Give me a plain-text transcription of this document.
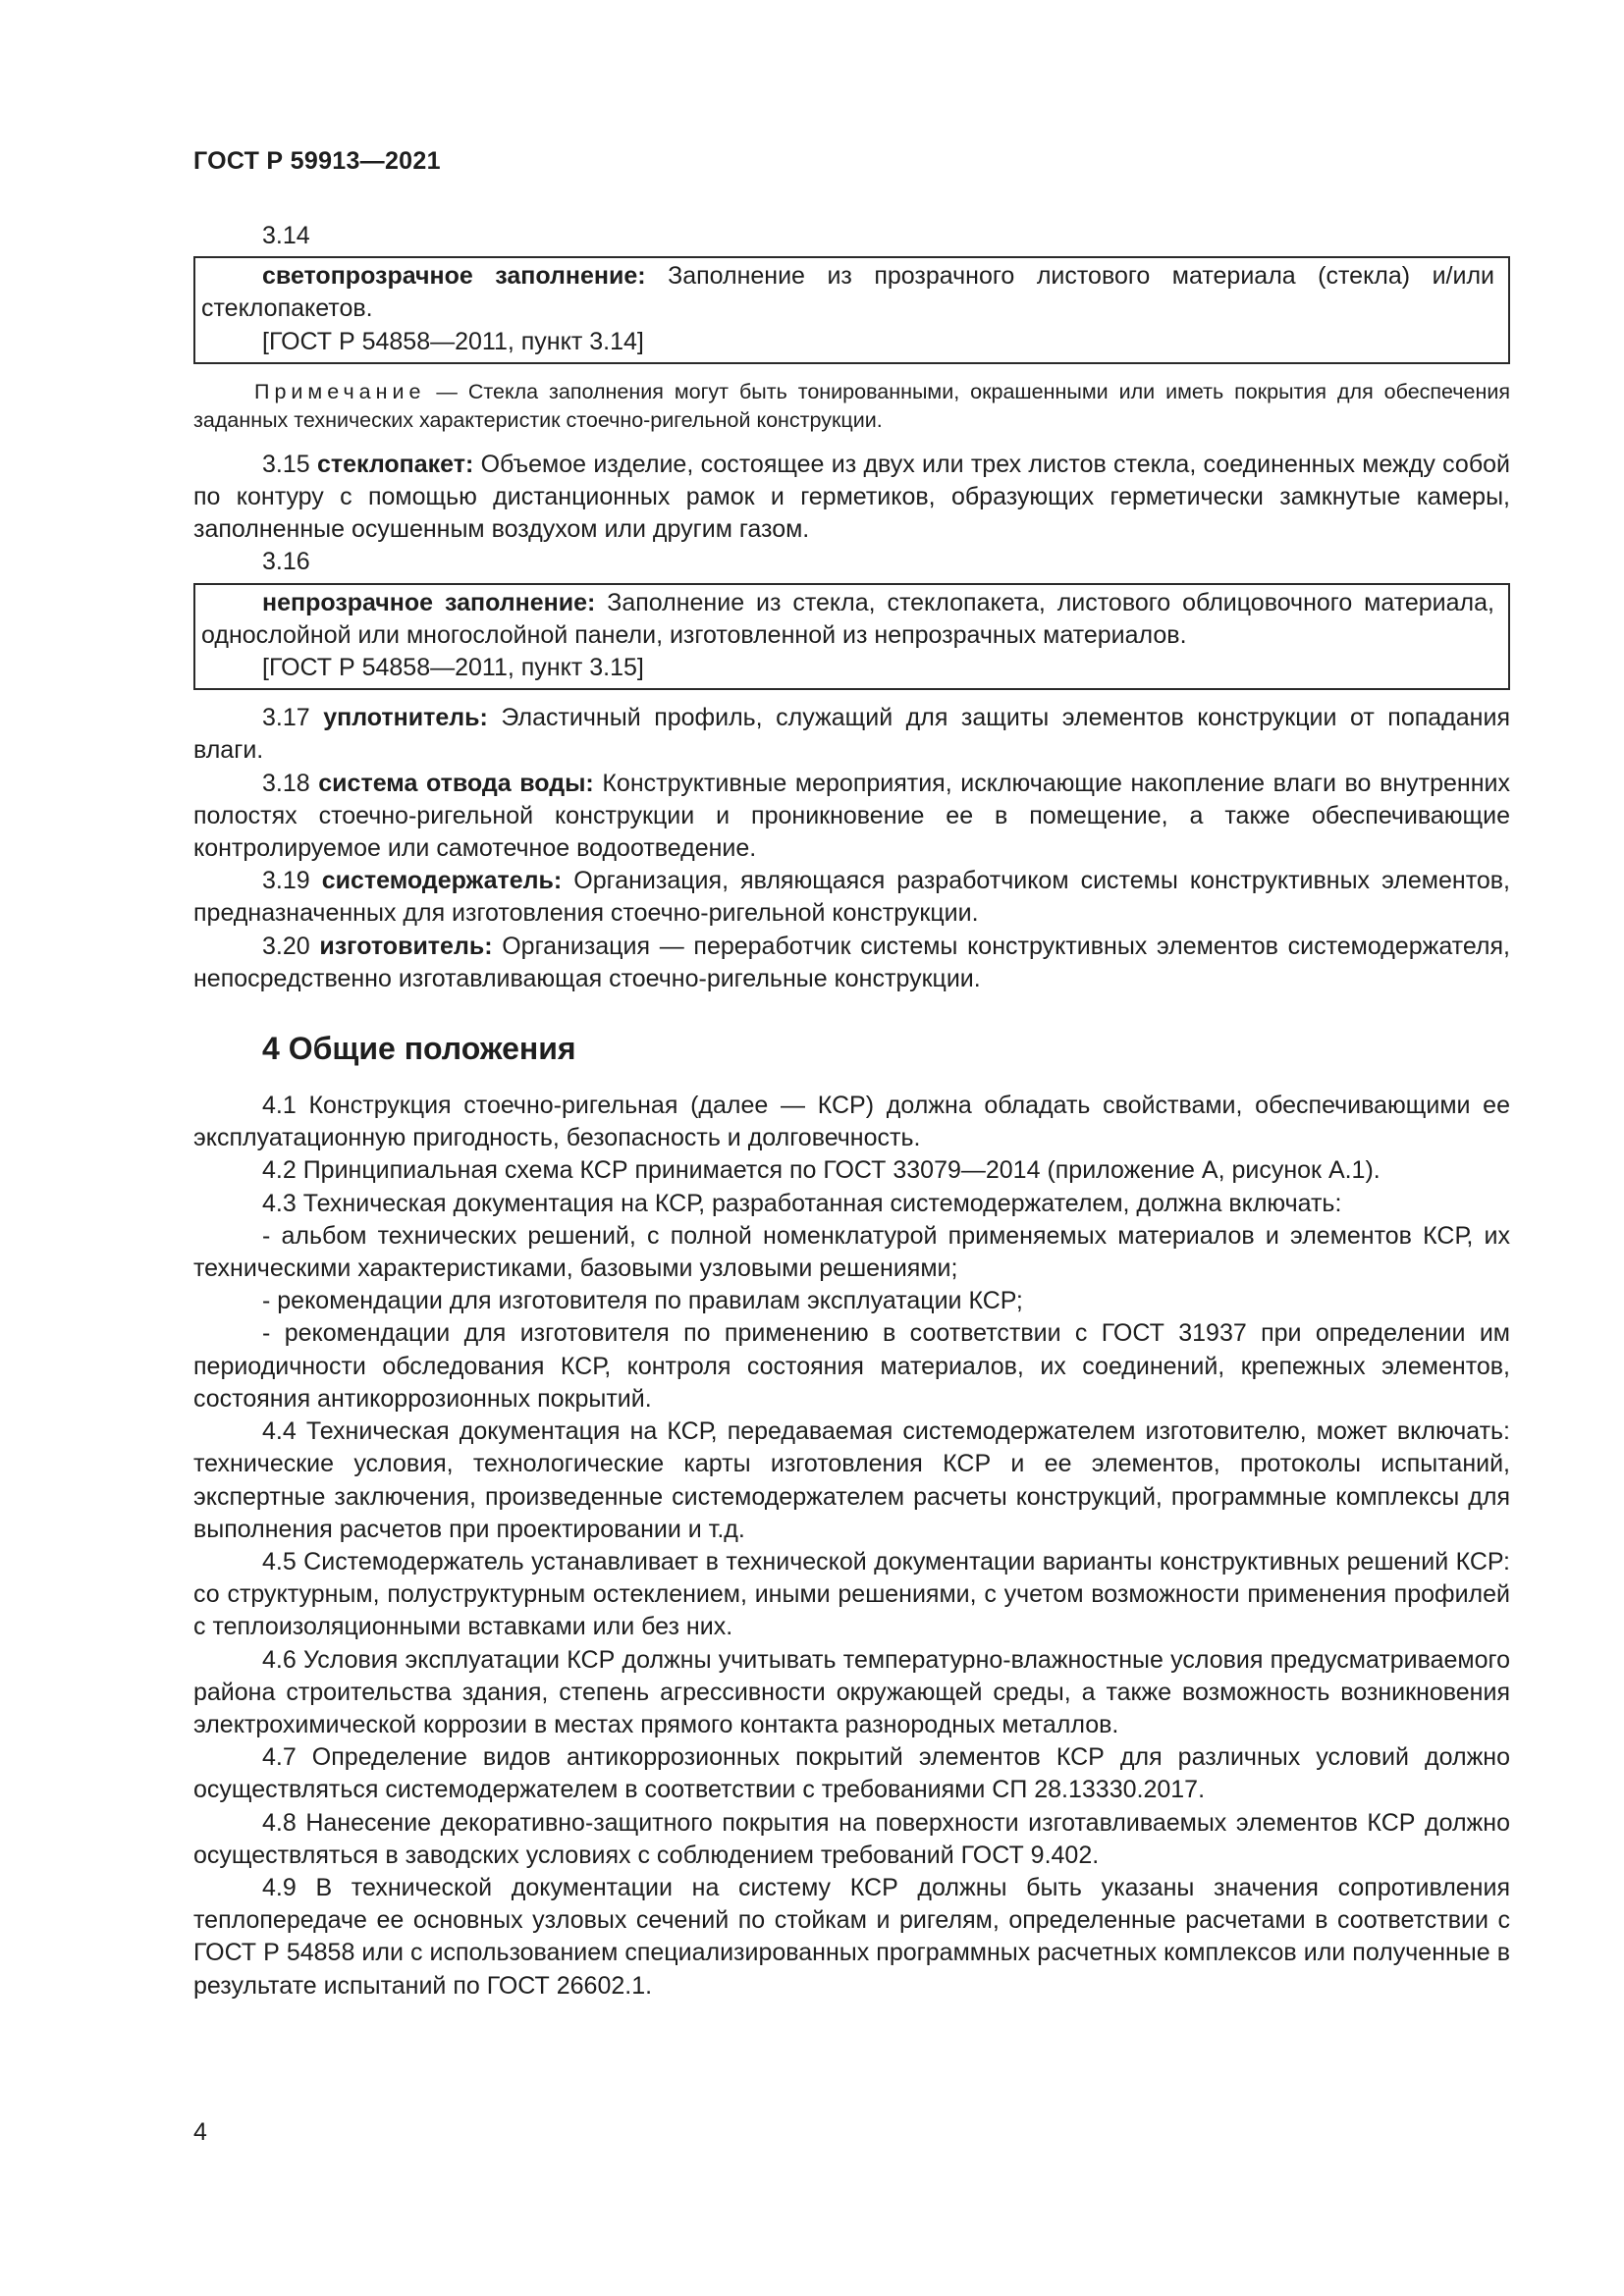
ГОСТ Р 59913—2021

3.14

светопрозрачное заполнение: Заполнение из прозрачного листового материала (стекла) и/или стеклопакетов.

[ГОСТ Р 54858—2011, пункт 3.14]

Примечание — Стекла заполнения могут быть тонированными, окрашенными или иметь покрытия для обеспечения заданных технических характеристик стоечно-ригельной конструкции.

3.15 стеклопакет: Объемое изделие, состоящее из двух или трех листов стекла, соединенных между собой по контуру с помощью дистанционных рамок и герметиков, образующих герметически замкнутые камеры, заполненные осушенным воздухом или другим газом.

3.16

непрозрачное заполнение: Заполнение из стекла, стеклопакета, листового облицовочного материала, однослойной или многослойной панели, изготовленной из непрозрачных материалов.

[ГОСТ Р 54858—2011, пункт 3.15]

3.17 уплотнитель: Эластичный профиль, служащий для защиты элементов конструкции от попадания влаги.

3.18 система отвода воды: Конструктивные мероприятия, исключающие накопление влаги во внутренних полостях стоечно-ригельной конструкции и проникновение ее в помещение, а также обеспечивающие контролируемое или самотечное водоотведение.

3.19 системодержатель: Организация, являющаяся разработчиком системы конструктивных элементов, предназначенных для изготовления стоечно-ригельной конструкции.

3.20 изготовитель: Организация — переработчик системы конструктивных элементов системодержателя, непосредственно изготавливающая стоечно-ригельные конструкции.

4 Общие положения

4.1 Конструкция стоечно-ригельная (далее — КСР) должна обладать свойствами, обеспечивающими ее эксплуатационную пригодность, безопасность и долговечность.

4.2 Принципиальная схема КСР принимается по ГОСТ 33079—2014 (приложение А, рисунок А.1).

4.3 Техническая документация на КСР, разработанная системодержателем, должна включать:

- альбом технических решений, с полной номенклатурой применяемых материалов и элементов КСР, их техническими характеристиками, базовыми узловыми решениями;

- рекомендации для изготовителя по правилам эксплуатации КСР;

- рекомендации для изготовителя по применению в соответствии с ГОСТ 31937 при определении им периодичности обследования КСР, контроля состояния материалов, их соединений, крепежных элементов, состояния антикоррозионных покрытий.

4.4 Техническая документация на КСР, передаваемая системодержателем изготовителю, может включать: технические условия, технологические карты изготовления КСР и ее элементов, протоколы испытаний, экспертные заключения, произведенные системодержателем расчеты конструкций, программные комплексы для выполнения расчетов при проектировании и т.д.

4.5 Системодержатель устанавливает в технической документации варианты конструктивных решений КСР: со структурным, полуструктурным остеклением, иными решениями, с учетом возможности применения профилей с теплоизоляционными вставками или без них.

4.6 Условия эксплуатации КСР должны учитывать температурно-влажностные условия предусматриваемого района строительства здания, степень агрессивности окружающей среды, а также возможность возникновения электрохимической коррозии в местах прямого контакта разнородных металлов.

4.7 Определение видов антикоррозионных покрытий элементов КСР для различных условий должно осуществляться системодержателем в соответствии с требованиями СП 28.13330.2017.

4.8 Нанесение декоративно-защитного покрытия на поверхности изготавливаемых элементов КСР должно осуществляться в заводских условиях с соблюдением требований ГОСТ 9.402.

4.9 В технической документации на систему КСР должны быть указаны значения сопротивления теплопередаче ее основных узловых сечений по стойкам и ригелям, определенные расчетами в соответствии с ГОСТ Р 54858 или с использованием специализированных программных расчетных комплексов или полученные в результате испытаний по ГОСТ 26602.1.

4
